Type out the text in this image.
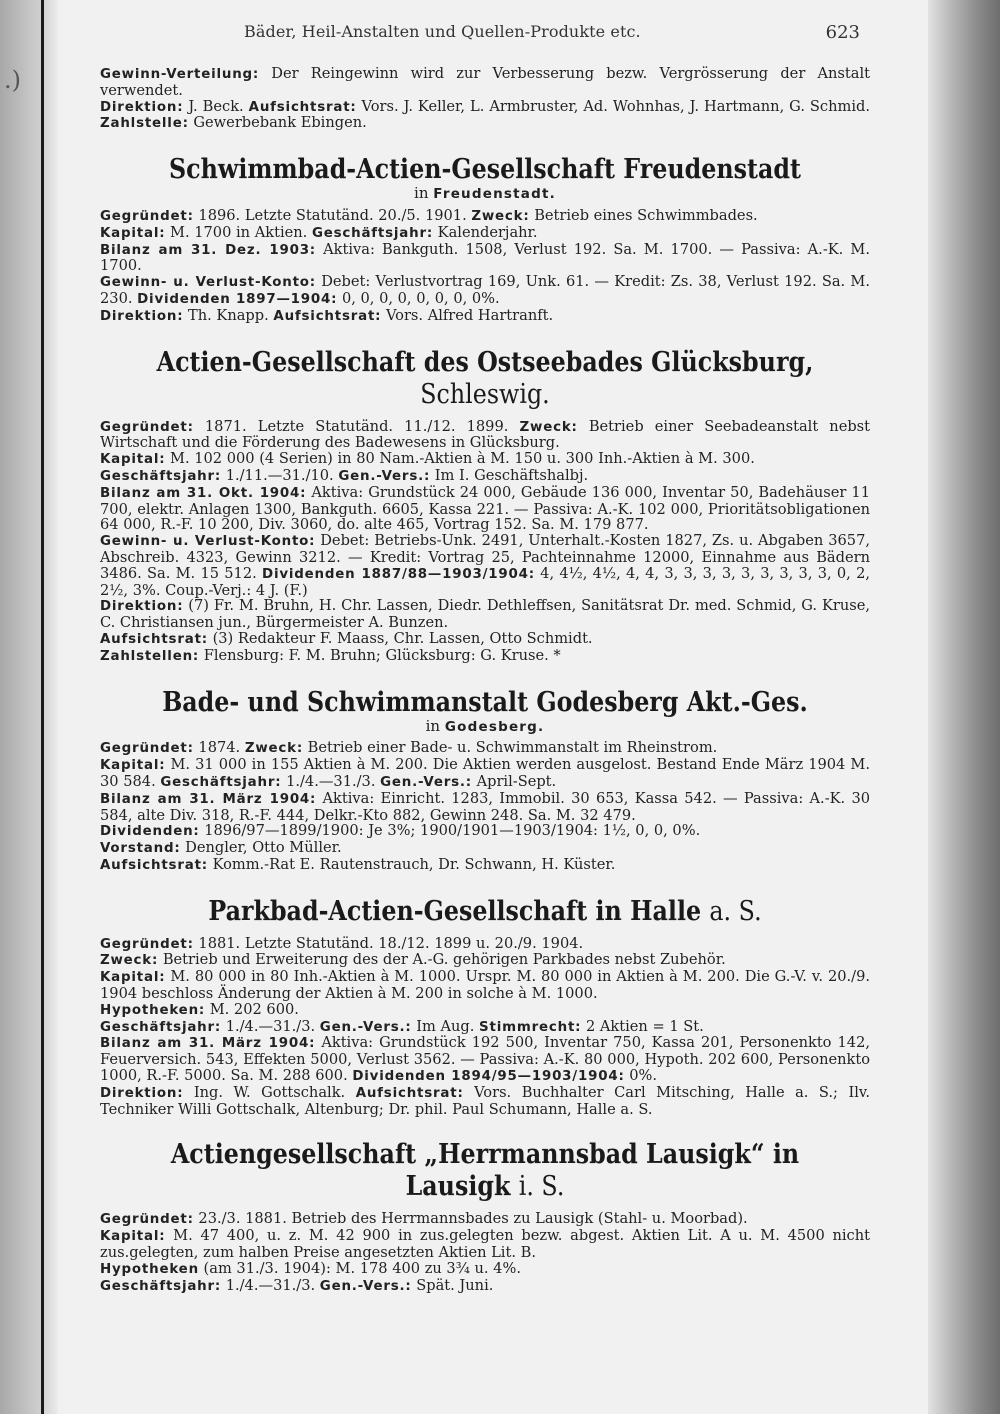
.)
Bäder, Heil-Anstalten und Quellen-Produkte etc.	623

Gewinn-Verteilung: Der Reingewinn wird zur Verbesserung bezw. Vergrösserung der Anstalt verwendet.

Direktion: J. Beck. Aufsichtsrat: Vors. J. Keller, L. Armbruster, Ad. Wohnhas, J. Hartmann, G. Schmid. Zahlstelle: Gewerbebank Ebingen.

Schwimmbad-Actien-Gesellschaft Freudenstadt

in Freudenstadt.

Gegründet: 1896. Letzte Statutänd. 20./5. 1901. Zweck: Betrieb eines Schwimmbades.

Kapital: M. 1700 in Aktien. Geschäftsjahr: Kalenderjahr.

Bilanz am 31. Dez. 1903: Aktiva: Bankguth. 1508, Verlust 192. Sa. M. 1700. — Passiva: A.-K. M. 1700.

Gewinn- u. Verlust-Konto: Debet: Verlustvortrag 169, Unk. 61. — Kredit: Zs. 38, Verlust 192. Sa. M. 230. Dividenden 1897—1904: 0, 0, 0, 0, 0, 0, 0, 0%.

Direktion: Th. Knapp. Aufsichtsrat: Vors. Alfred Hartranft.

Actien-Gesellschaft des Ostseebades Glücksburg, Schleswig.

Gegründet: 1871. Letzte Statutänd. 11./12. 1899. Zweck: Betrieb einer Seebadeanstalt nebst Wirtschaft und die Förderung des Badewesens in Glücksburg.

Kapital: M. 102 000 (4 Serien) in 80 Nam.-Aktien à M. 150 u. 300 Inh.-Aktien à M. 300.

Geschäftsjahr: 1./11.—31./10. Gen.-Vers.: Im I. Geschäftshalbj.

Bilanz am 31. Okt. 1904: Aktiva: Grundstück 24 000, Gebäude 136 000, Inventar 50, Badehäuser 11 700, elektr. Anlagen 1300, Bankguth. 6605, Kassa 221. — Passiva: A.-K. 102 000, Prioritätsobligationen 64 000, R.-F. 10 200, Div. 3060, do. alte 465, Vortrag 152. Sa. M. 179 877.

Gewinn- u. Verlust-Konto: Debet: Betriebs-Unk. 2491, Unterhalt.-Kosten 1827, Zs. u. Abgaben 3657, Abschreib. 4323, Gewinn 3212. — Kredit: Vortrag 25, Pachteinnahme 12000, Einnahme aus Bädern 3486. Sa. M. 15 512. Dividenden 1887/88—1903/1904: 4, 4½, 4½, 4, 4, 3, 3, 3, 3, 3, 3, 3, 3, 3, 0, 2, 2½, 3%. Coup.-Verj.: 4 J. (F.)

Direktion: (7) Fr. M. Bruhn, H. Chr. Lassen, Diedr. Dethleffsen, Sanitätsrat Dr. med. Schmid, G. Kruse, C. Christiansen jun., Bürgermeister A. Bunzen.

Aufsichtsrat: (3) Redakteur F. Maass, Chr. Lassen, Otto Schmidt.

Zahlstellen: Flensburg: F. M. Bruhn; Glücksburg: G. Kruse. *

Bade- und Schwimmanstalt Godesberg Akt.-Ges.

in Godesberg.

Gegründet: 1874. Zweck: Betrieb einer Bade- u. Schwimmanstalt im Rheinstrom.

Kapital: M. 31 000 in 155 Aktien à M. 200. Die Aktien werden ausgelost. Bestand Ende März 1904 M. 30 584. Geschäftsjahr: 1./4.—31./3. Gen.-Vers.: April-Sept.

Bilanz am 31. März 1904: Aktiva: Einricht. 1283, Immobil. 30 653, Kassa 542. — Passiva: A.-K. 30 584, alte Div. 318, R.-F. 444, Delkr.-Kto 882, Gewinn 248. Sa. M. 32 479.

Dividenden: 1896/97—1899/1900: Je 3%; 1900/1901—1903/1904: 1½, 0, 0, 0%.

Vorstand: Dengler, Otto Müller.

Aufsichtsrat: Komm.-Rat E. Rautenstrauch, Dr. Schwann, H. Küster.

Parkbad-Actien-Gesellschaft in Halle a. S.

Gegründet: 1881. Letzte Statutänd. 18./12. 1899 u. 20./9. 1904.

Zweck: Betrieb und Erweiterung des der A.-G. gehörigen Parkbades nebst Zubehör.

Kapital: M. 80 000 in 80 Inh.-Aktien à M. 1000. Urspr. M. 80 000 in Aktien à M. 200. Die G.-V. v. 20./9. 1904 beschloss Änderung der Aktien à M. 200 in solche à M. 1000.

Hypotheken: M. 202 600.

Geschäftsjahr: 1./4.—31./3. Gen.-Vers.: Im Aug. Stimmrecht: 2 Aktien = 1 St.

Bilanz am 31. März 1904: Aktiva: Grundstück 192 500, Inventar 750, Kassa 201, Personenkto 142, Feuerversich. 543, Effekten 5000, Verlust 3562. — Passiva: A.-K. 80 000, Hypoth. 202 600, Personenkto 1000, R.-F. 5000. Sa. M. 288 600. Dividenden 1894/95—1903/1904: 0%.

Direktion: Ing. W. Gottschalk. Aufsichtsrat: Vors. Buchhalter Carl Mitsching, Halle a. S.; Ilv. Techniker Willi Gottschalk, Altenburg; Dr. phil. Paul Schumann, Halle a. S.

Actiengesellschaft „Herrmannsbad Lausigk“ in Lausigk i. S.

Gegründet: 23./3. 1881. Betrieb des Herrmannsbades zu Lausigk (Stahl- u. Moorbad).

Kapital: M. 47 400, u. z. M. 42 900 in zus.gelegten bezw. abgest. Aktien Lit. A u. M. 4500 nicht zus.gelegten, zum halben Preise angesetzten Aktien Lit. B.

Hypotheken (am 31./3. 1904): M. 178 400 zu 3¾ u. 4%.

Geschäftsjahr: 1./4.—31./3. Gen.-Vers.: Spät. Juni.
